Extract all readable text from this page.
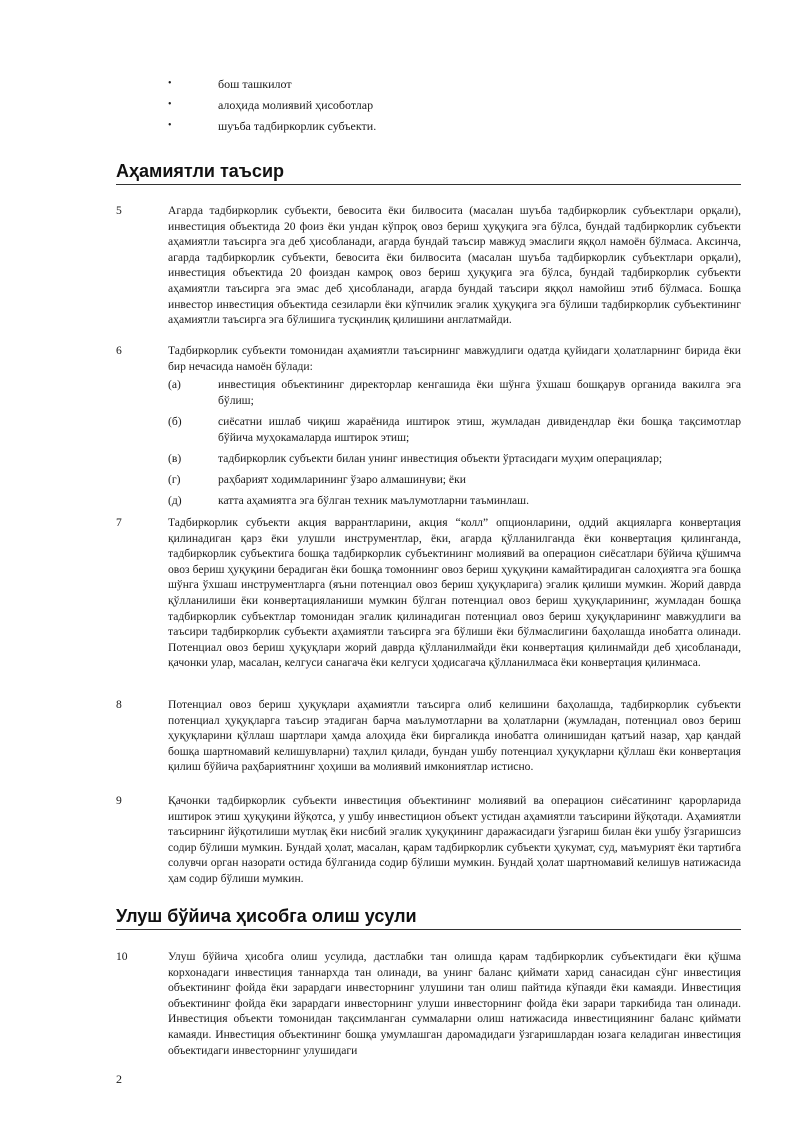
•	бош ташкилот
•	алоҳида молиявий ҳисоботлар
•	шуъба тадбиркорлик субъекти.
Аҳамиятли таъсир
5	Агарда тадбиркорлик субъекти, бевосита ёки билвосита (масалан шуъба тадбиркорлик субъектлари орқали), инвестиция объектида 20 фоиз ёки ундан кўпроқ овоз бериш ҳуқуқига эга бўлса, бундай тадбиркорлик субъекти аҳамиятли таъсирга эга деб ҳисобланади, агарда бундай таъсир мавжуд эмаслиги яққол намоён бўлмаса. Аксинча, агарда тадбиркорлик субъекти, бевосита ёки билвосита (масалан шуъба тадбиркорлик субъектлари орқали), инвестиция объектида 20 фоиздан камроқ овоз бериш ҳуқуқига эга бўлса, бундай тадбиркорлик субъекти аҳамиятли таъсирга эга эмас деб ҳисобланади, агарда бундай таъсири яққол намойиш этиб бўлмаса. Бошқа инвестор инвестиция объектида сезиларли ёки кўпчилик эгалик ҳуқуқига эга бўлиши тадбиркорлик субъектининг аҳамиятли таъсирга эга бўлишига тусқинлиқ қилишини англатмайди.

6	Тадбиркорлик субъекти томонидан аҳамиятли таъсирнинг мавжудлиги одатда қуйидаги ҳолатларнинг бирида ёки бир нечасида намоён бўлади:

(a)	инвестиция объектининг директорлар кенгашида ёки шўнга ўхшаш бошқарув органида вакилга эга бўлиш;

(б)	сиёсатни ишлаб чиқиш жараёнида иштирок этиш, жумладан дивидендлар ёки бошқа тақсимотлар бўйича муҳокамаларда иштирок этиш;

(в)	тадбиркорлик субъекти билан унинг инвестиция объекти ўртасидаги муҳим операциялар;

(г)	раҳбарият ходимларининг ўзаро алмашинуви; ёки

(д)	катта аҳамиятга эга бўлган техник маълумотларни таъминлаш.

7	Тадбиркорлик субъекти акция варрантларини, акция “колл” опционларини, оддий акцияларга конвертация қилинадиган қарз ёки улушли инструментлар, ёки, агарда қўлланилганда ёки конвертация қилинганда, тадбиркорлик субъектига бошқа тадбиркорлик субъектининг молиявий ва операцион сиёсатлари бўйича қўшимча овоз бериш ҳуқуқини берадиган ёки бошқа томоннинг овоз бериш ҳуқуқини камайтирадиган салоҳиятга эга бошқа шўнга ўхшаш инструментларга (яъни потенциал овоз бериш ҳуқуқларига) эгалик қилиши мумкин. Жорий даврда қўлланилиши ёки конвертацияланиши мумкин бўлган потенциал овоз бериш ҳуқуқларининг, жумладан бошқа тадбиркорлик субъектлар томонидан эгалик қилинадиган потенциал овоз бериш ҳуқуқларининг мавжудлиги ва таъсири тадбиркорлик субъекти аҳамиятли таъсирга эга бўлиши ёки бўлмаслигини баҳолашда инобатга олинади. Потенциал овоз бериш ҳуқуқлари жорий даврда қўлланилмайди ёки конвертация қилинмайди деб ҳисобланади, қачонки улар, масалан, келгуси санагача ёки келгуси ҳодисагача қўлланилмаса ёки конвертация қилинмаса.

8	Потенциал овоз бериш ҳуқуқлари аҳамиятли таъсирга олиб келишини баҳолашда, тадбиркорлик субъекти потенциал ҳуқуқларга таъсир этадиган барча маълумотларни ва ҳолатларни (жумладан, потенциал овоз бериш ҳуқуқларини қўллаш шартлари ҳамда алоҳида ёки биргаликда инобатга олинишидан қатъий назар, ҳар қандай бошқа шартномавий келишувларни) таҳлил қилади, бундан ушбу потенциал ҳуқуқларни қўллаш ёки конвертация қилиш бўйича раҳбариятнинг ҳоҳиши ва молиявий имкониятлар истисно.

9	Қачонки тадбиркорлик субъекти инвестиция объектининг молиявий ва операцион сиёсатининг қарорларида иштирок этиш ҳуқуқини йўқотса, у ушбу инвестицион объект устидан аҳамиятли таъсирини йўқотади. Аҳамиятли таъсирнинг йўқотилиши мутлақ ёки нисбий эгалик ҳуқуқининг даражасидаги ўзгариш билан ёки ушбу ўзгаришсиз содир бўлиши мумкин. Бундай ҳолат, масалан, қарам тадбиркорлик субъекти ҳукумат, суд, маъмурият ёки тартибга солувчи орган назорати остида бўлганида содир бўлиши мумкин. Бундай ҳолат шартномавий келишув натижасида ҳам содир бўлиши мумкин.

Улуш бўйича ҳисобга олиш усули
10	Улуш бўйича ҳисобга олиш усулида, дастлабки тан олишда қарам тадбиркорлик субъектидаги ёки қўшма корхонадаги инвестиция таннархда тан олинади, ва унинг баланс қиймати харид санасидан сўнг инвестиция объектининг фойда ёки зарардаги инвесторнинг улушини тан олиш пайтида кўпаяди ёки камаяди. Инвестиция объектининг фойда ёки зарардаги инвесторнинг улуши инвесторнинг фойда ёки зарари таркибида тан олинади. Инвестиция объекти томонидан тақсимланган суммаларни олиш натижасида инвестициянинг баланс қиймати камаяди. Инвестиция объектининг бошқа умумлашган даромадидаги ўзгаришлардан юзага келадиган инвестиция объектидаги инвесторнинг улушидаги

2
